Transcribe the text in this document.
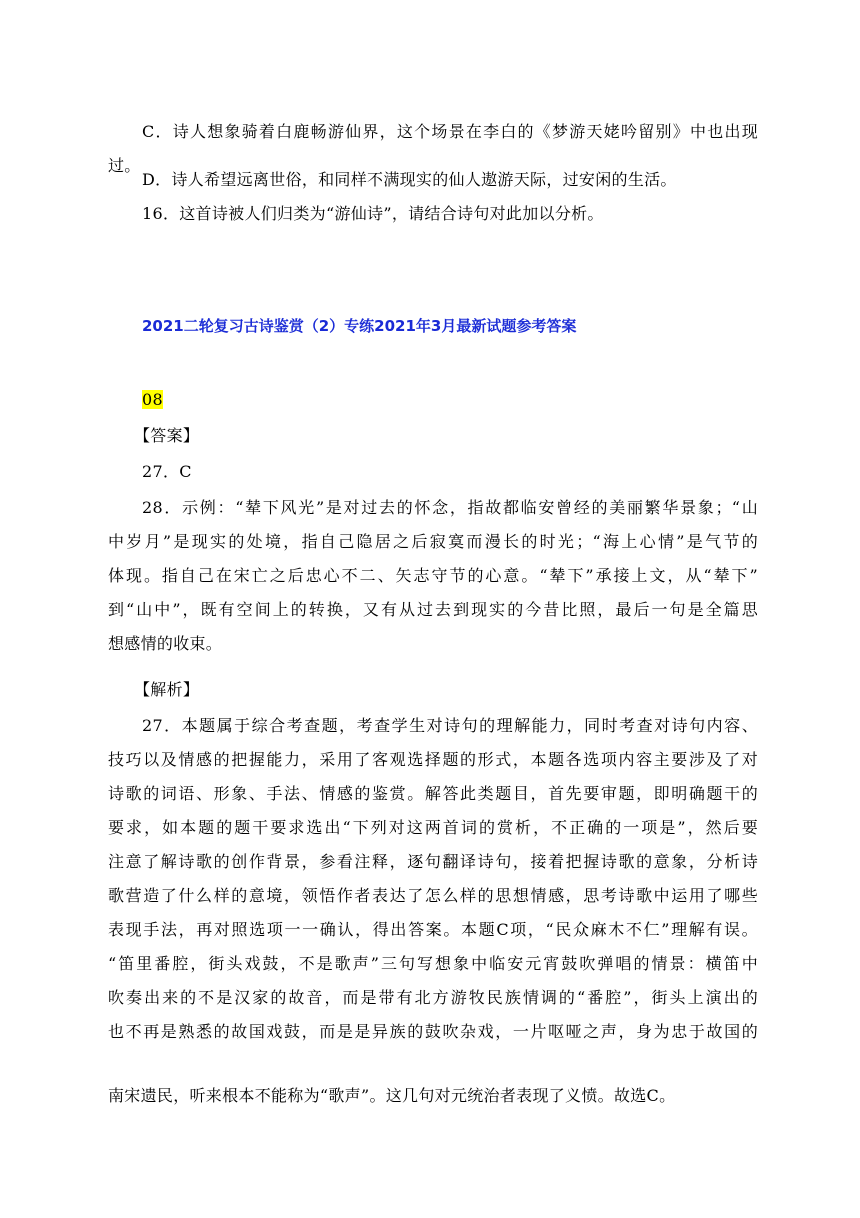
C．诗人想象骑着白鹿畅游仙界，这个场景在李白的《梦游天姥吟留别》中也出现
过。
D．诗人希望远离世俗，和同样不满现实的仙人遨游天际，过安闲的生活。
16．这首诗被人们归类为“游仙诗”，请结合诗句对此加以分析。
2021二轮复习古诗鉴赏（2）专练2021年3月最新试题参考答案
08
【答案】
27．C
28．示例：“辇下风光”是对过去的怀念，指故都临安曾经的美丽繁华景象；“山
中岁月”是现实的处境，指自己隐居之后寂寞而漫长的时光；“海上心情”是气节的
体现。指自己在宋亡之后忠心不二、矢志守节的心意。“辇下”承接上文，从“辇下”
到“山中”，既有空间上的转换，又有从过去到现实的今昔比照，最后一句是全篇思
想感情的收束。
【解析】
27．本题属于综合考查题，考查学生对诗句的理解能力，同时考查对诗句内容、
技巧以及情感的把握能力，采用了客观选择题的形式，本题各选项内容主要涉及了对
诗歌的词语、形象、手法、情感的鉴赏。解答此类题目，首先要审题，即明确题干的
要求，如本题的题干要求选出“下列对这两首词的赏析，不正确的一项是”，然后要
注意了解诗歌的创作背景，参看注释，逐句翻译诗句，接着把握诗歌的意象，分析诗
歌营造了什么样的意境，领悟作者表达了怎么样的思想情感，思考诗歌中运用了哪些
表现手法，再对照选项一一确认，得出答案。本题C项，“民众麻木不仁”理解有误。
“笛里番腔，街头戏鼓，不是歌声”三句写想象中临安元宵鼓吹弹唱的情景：横笛中
吹奏出来的不是汉家的故音，而是带有北方游牧民族情调的“番腔”，街头上演出的
也不再是熟悉的故国戏鼓，而是是异族的鼓吹杂戏，一片呕哑之声，身为忠于故国的
南宋遗民，听来根本不能称为“歌声”。这几句对元统治者表现了义愤。故选C。
